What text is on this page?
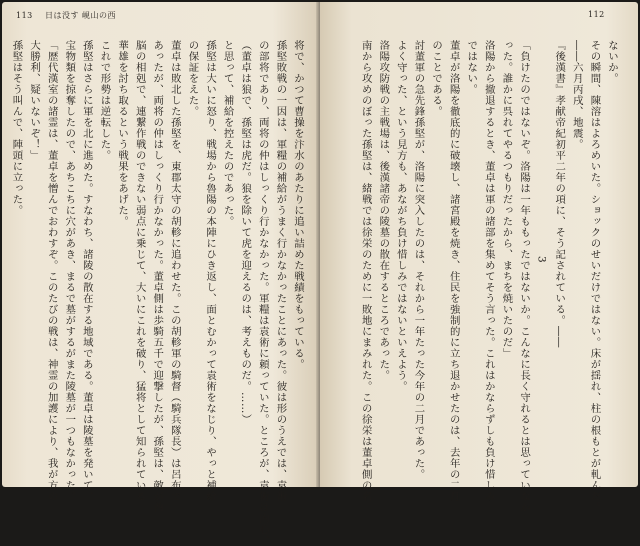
113 日は没す 峴山の西
将で、かつて曹操を汴水のあたりに追い詰めた戦績をもっている。
孫堅敗戦の一因は、軍糧の補給がうまく行かなかったことにあった。彼は形のうえでは、袁術
の部将であり、両将の仲はしっくり行かなかった。軍糧は袁術に頼っていた。ところが、袁術は内心、
（董卓は狼で、孫堅は虎だ。狼を除いて虎を迎えるのは、考えものだ。……）
と思って、補給を控えたのであった。
孫堅は大いに怒り、戦場から魯陽の本陣にひき返し、面とむかって袁術をなじり、やっと補給
の保証をえた。
董卓は敗北した孫堅を、東郡太守の胡軫に追わせた。この胡軫軍の騎督（騎兵隊長）は呂布で
あったが、両将の仲はしっくり行かなかった。董卓側は歩騎五千で迎撃したが、孫堅は、敵が酋
脳の相剋で、連繋作戦のできない弱点に乗じて、大いにこれを破り、猛将として知られている
華雄を討ち取るという戦果をあげた。
これで形勢は逆転した。
孫堅はさらに軍を北に進めた。すなわち、諸陵の散在する地域である。董卓は陵墓を発いて、
宝物類を掠奪したので、あちこちに穴があき、まるで墓がするがまた陵墓が一つもなかった。
「歴代漢室の諸霊は、董卓を憎んでおわすぞ。このたびの戦は、神霊の加護により、我が方の
大勝利、疑いないぞ！」
孫堅はそう叫んで、陣頭に立った。
112
ないか。
その瞬間、陳溶はよろめいた。ショックのせいだけではない。床が揺れ、柱の根もとが軋んだ。
――六月丙戌、地震。
『後漢書』孝献帝紀初平二年の項に、そう記されている。――
3
「負けたのではないぞ。洛陽は一年ももったではないか。こんなに長く守れるとは思っていなか
った。誰かに呉れてやるつもりだったから、まちを焼いたのだ」
洛陽から撤退するとき、董卓は軍の諸部を集めてそう言った。これはかならずしも負け惜しみ
ではない。
董卓が洛陽を徹底的に破壊し、諸宮殿を焼き、住民を強制的に立ち退かせたのは、去年の二月
のことである。
討董軍の急先鋒孫堅が、洛陽に突入したのは、それから一年たった今年の二月であった。
よく守った、という見方も、あながち負け惜しみではないといえよう。
洛陽攻防戦の主戦場は、後漢諸帝の陵墓の散在するところであった。
南から攻めのぼった孫堅は、緒戦では徐栄のために一敗地にまみれた。この徐栄は董卓側の名
